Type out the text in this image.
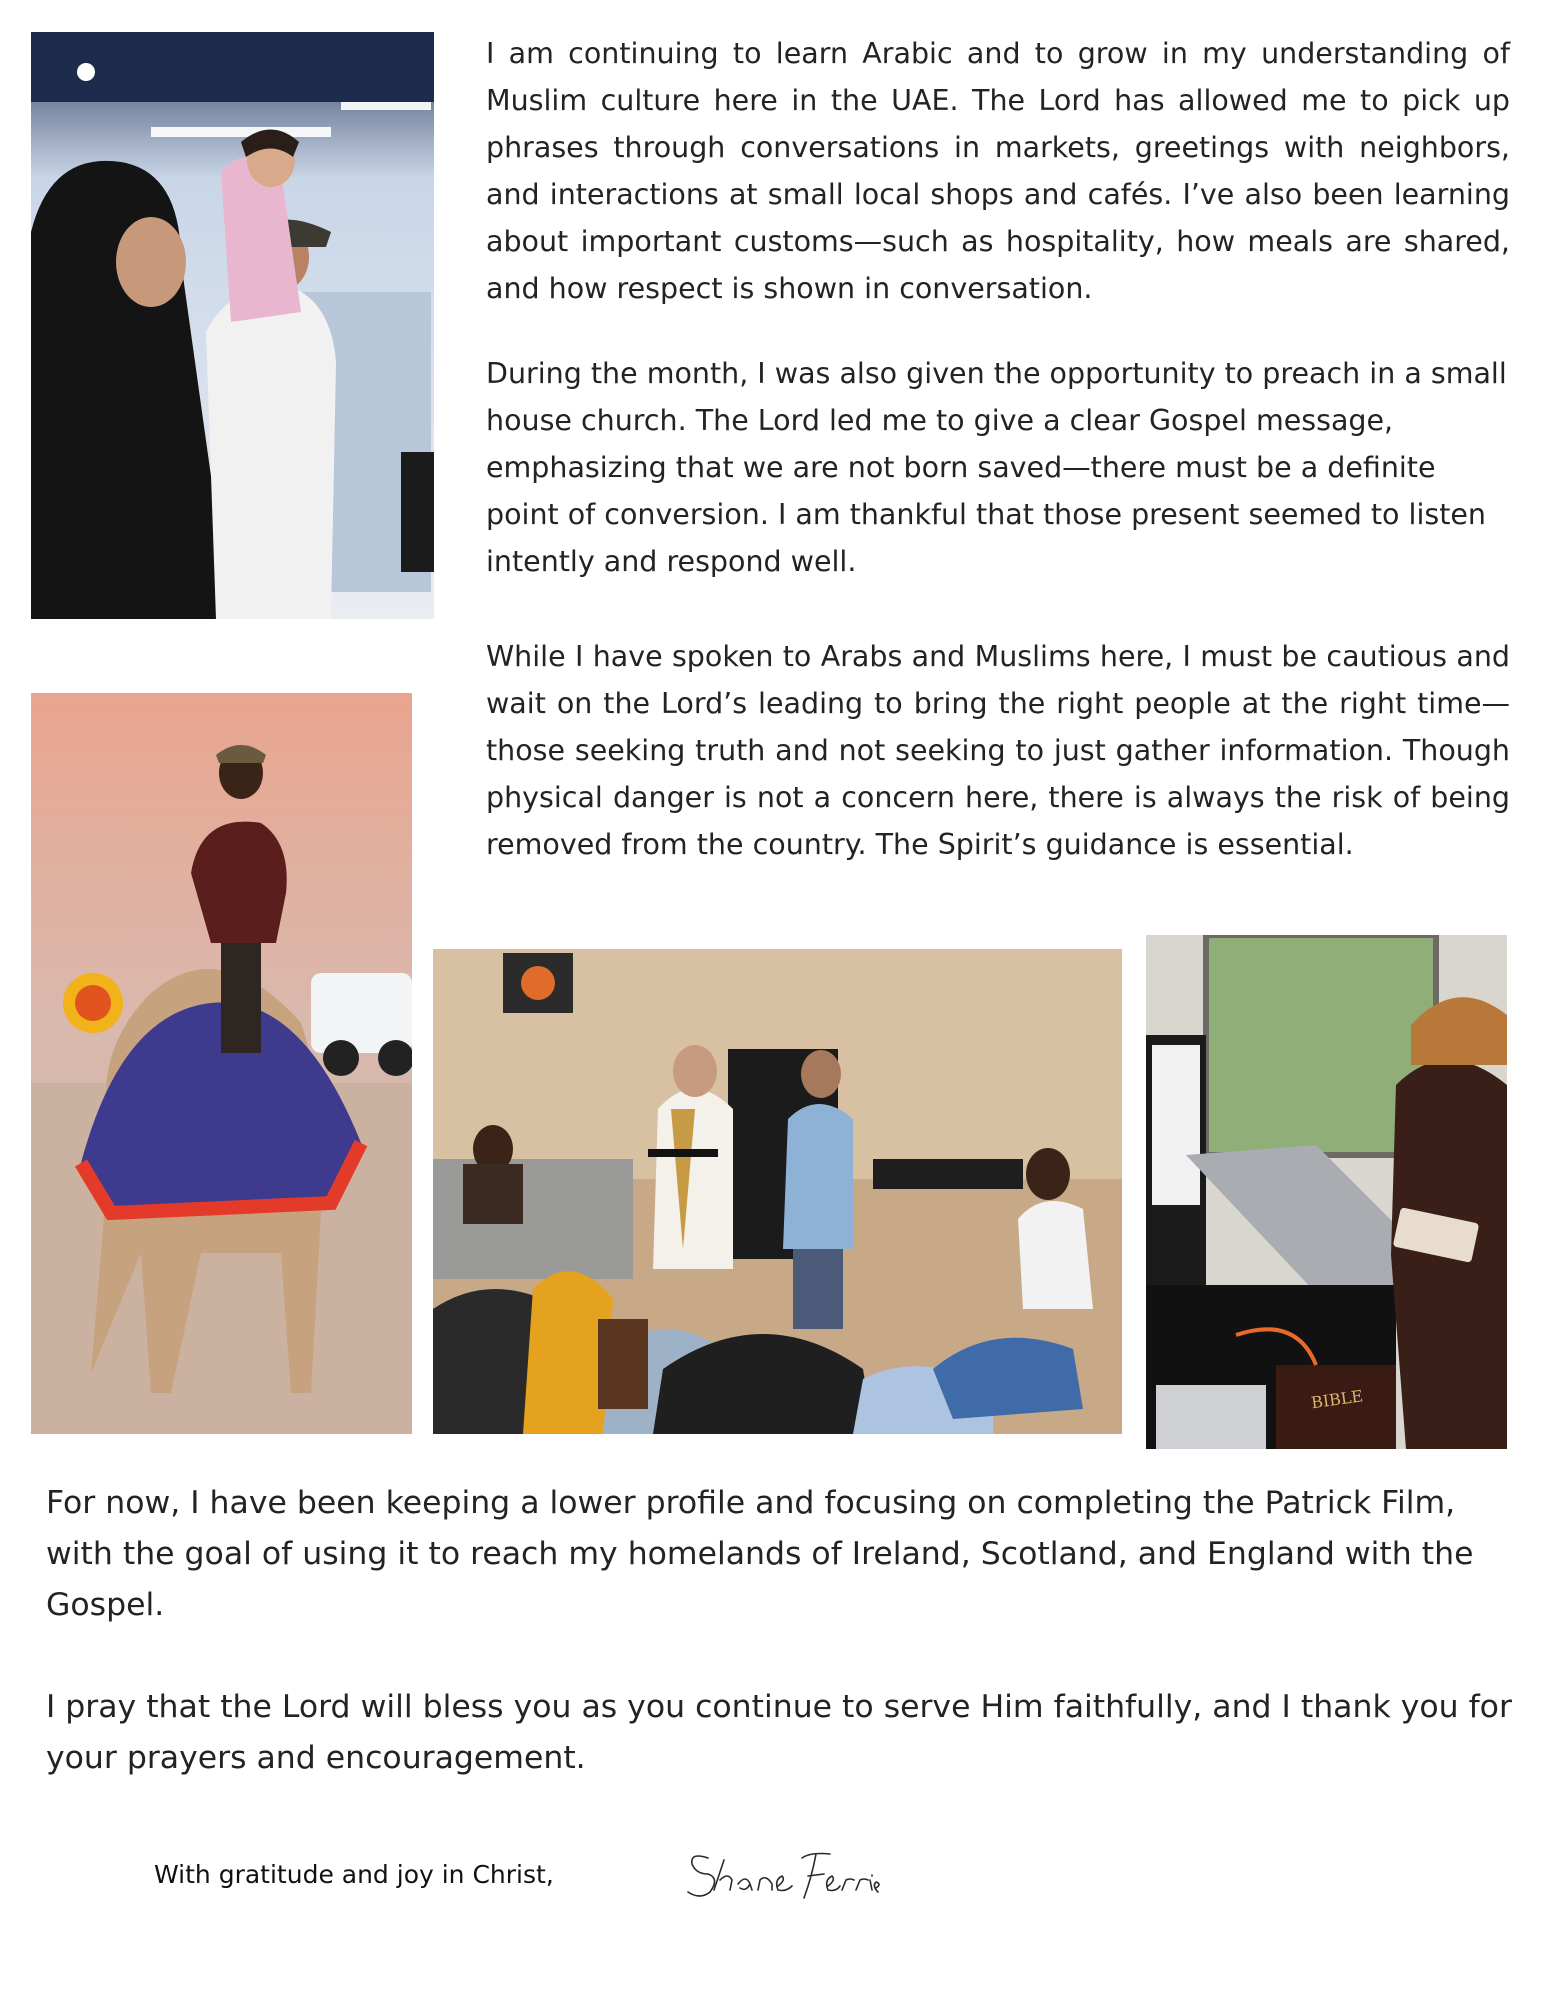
I am continuing to learn Arabic and to grow in my understanding of Muslim culture here in the UAE. The Lord has allowed me to pick up phrases through conversations in markets, greetings with neighbors, and interactions at small local shops and cafés. I’ve also been learning about important customs—such as hospitality, how meals are shared, and how respect is shown in conversation.

During the month, I was also given the opportunity to preach in a small house church. The Lord led me to give a clear Gospel message, emphasizing that we are not born saved—there must be a definite point of conversion. I am thankful that those present seemed to listen intently and respond well.

While I have spoken to Arabs and Muslims here, I must be cautious and wait on the Lord’s leading to bring the right people at the right time—those seeking truth and not seeking to just gather information. Though physical danger is not a concern here, there is always the risk of being removed from the country. The Spirit’s guidance is essential.

BIBLE

For now, I have been keeping a lower profile and focusing on completing the Patrick Film, with the goal of using it to reach my homelands of Ireland, Scotland, and England with the Gospel.

I pray that the Lord will bless you as you continue to serve Him faithfully, and I thank you for your prayers and encouragement.

With gratitude and joy in Christ,
